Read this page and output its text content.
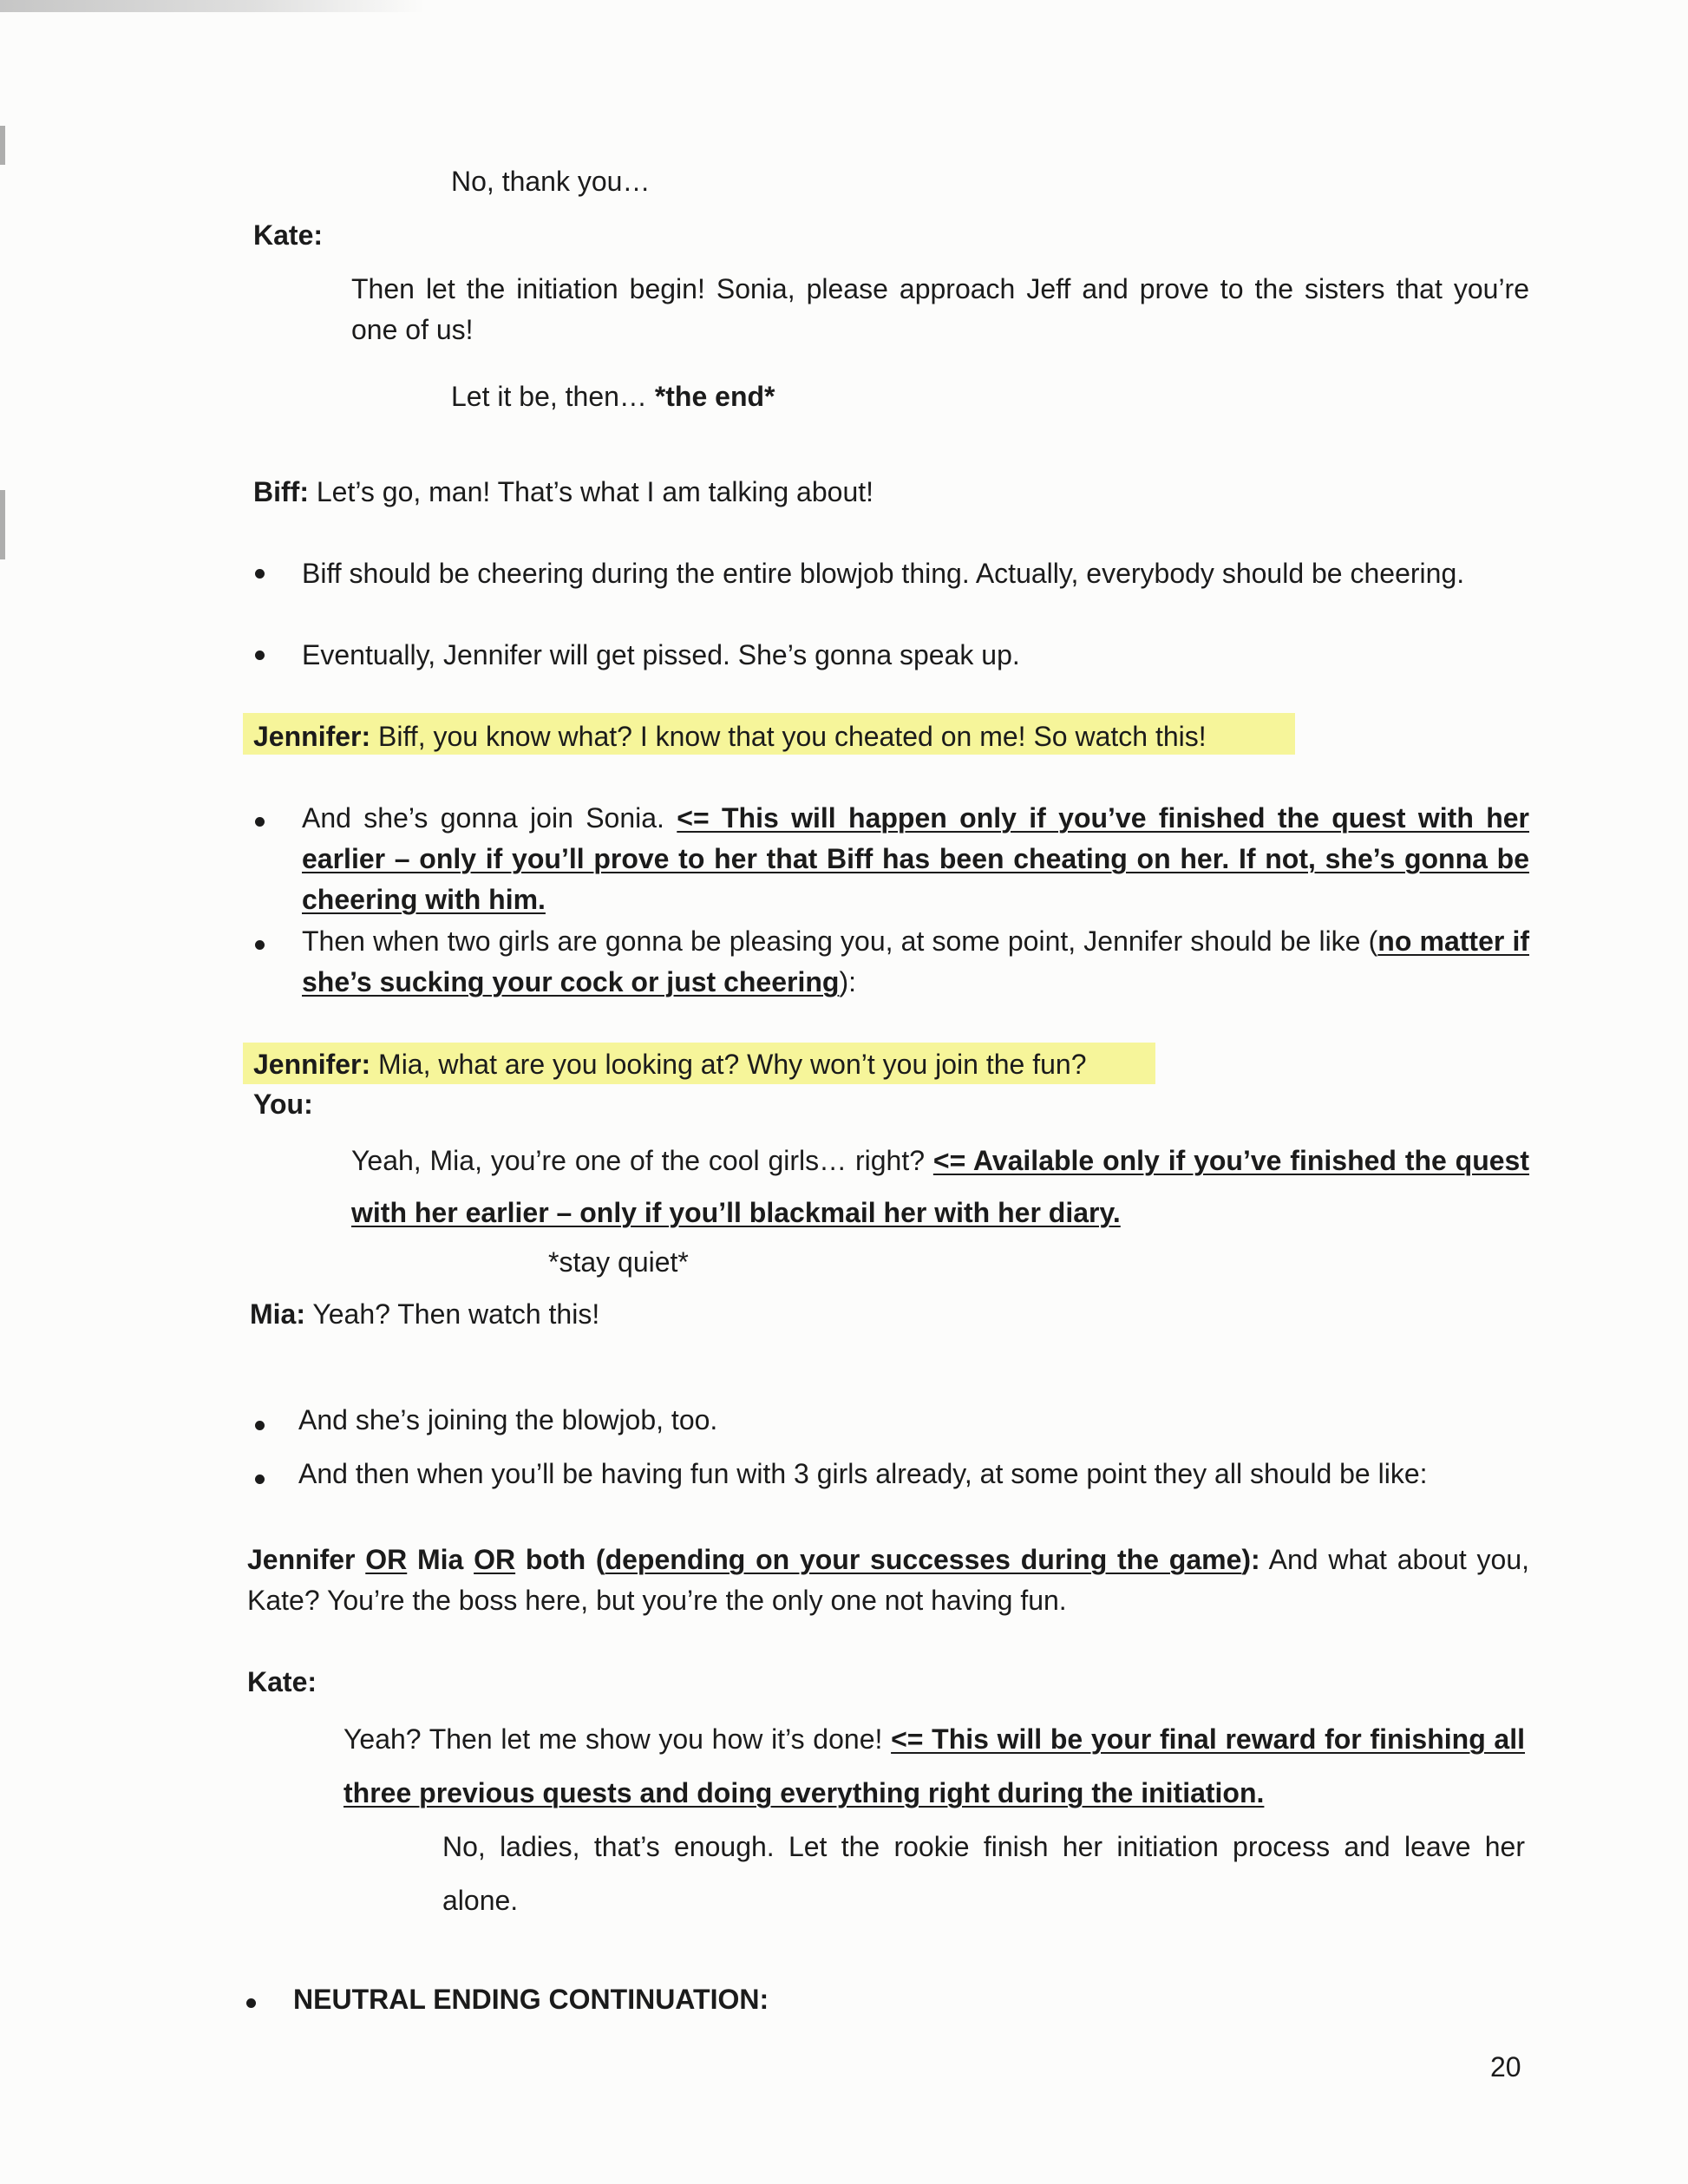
No, thank you…
Kate:
Then let the initiation begin! Sonia, please approach Jeff and prove to the sisters that you’re one of us!
Let it be, then… *the end*
Biff: Let’s go, man! That’s what I am talking about!
Biff should be cheering during the entire blowjob thing. Actually, everybody should be cheering.
Eventually, Jennifer will get pissed. She’s gonna speak up.
Jennifer: Biff, you know what? I know that you cheated on me! So watch this!
And she’s gonna join Sonia. <= This will happen only if you’ve finished the quest with her earlier – only if you’ll prove to her that Biff has been cheating on her. If not, she’s gonna be cheering with him.
Then when two girls are gonna be pleasing you, at some point, Jennifer should be like (no matter if she’s sucking your cock or just cheering):
Jennifer: Mia, what are you looking at? Why won’t you join the fun?
You:
Yeah, Mia, you’re one of the cool girls… right? <= Available only if you’ve finished the quest with her earlier – only if you’ll blackmail her with her diary.
*stay quiet*
Mia: Yeah? Then watch this!
And she’s joining the blowjob, too.
And then when you’ll be having fun with 3 girls already, at some point they all should be like:
Jennifer OR Mia OR both (depending on your successes during the game): And what about you, Kate? You’re the boss here, but you’re the only one not having fun.
Kate:
Yeah? Then let me show you how it’s done! <= This will be your final reward for finishing all three previous quests and doing everything right during the initiation.
No, ladies, that’s enough. Let the rookie finish her initiation process and leave her alone.
NEUTRAL ENDING CONTINUATION:
20
